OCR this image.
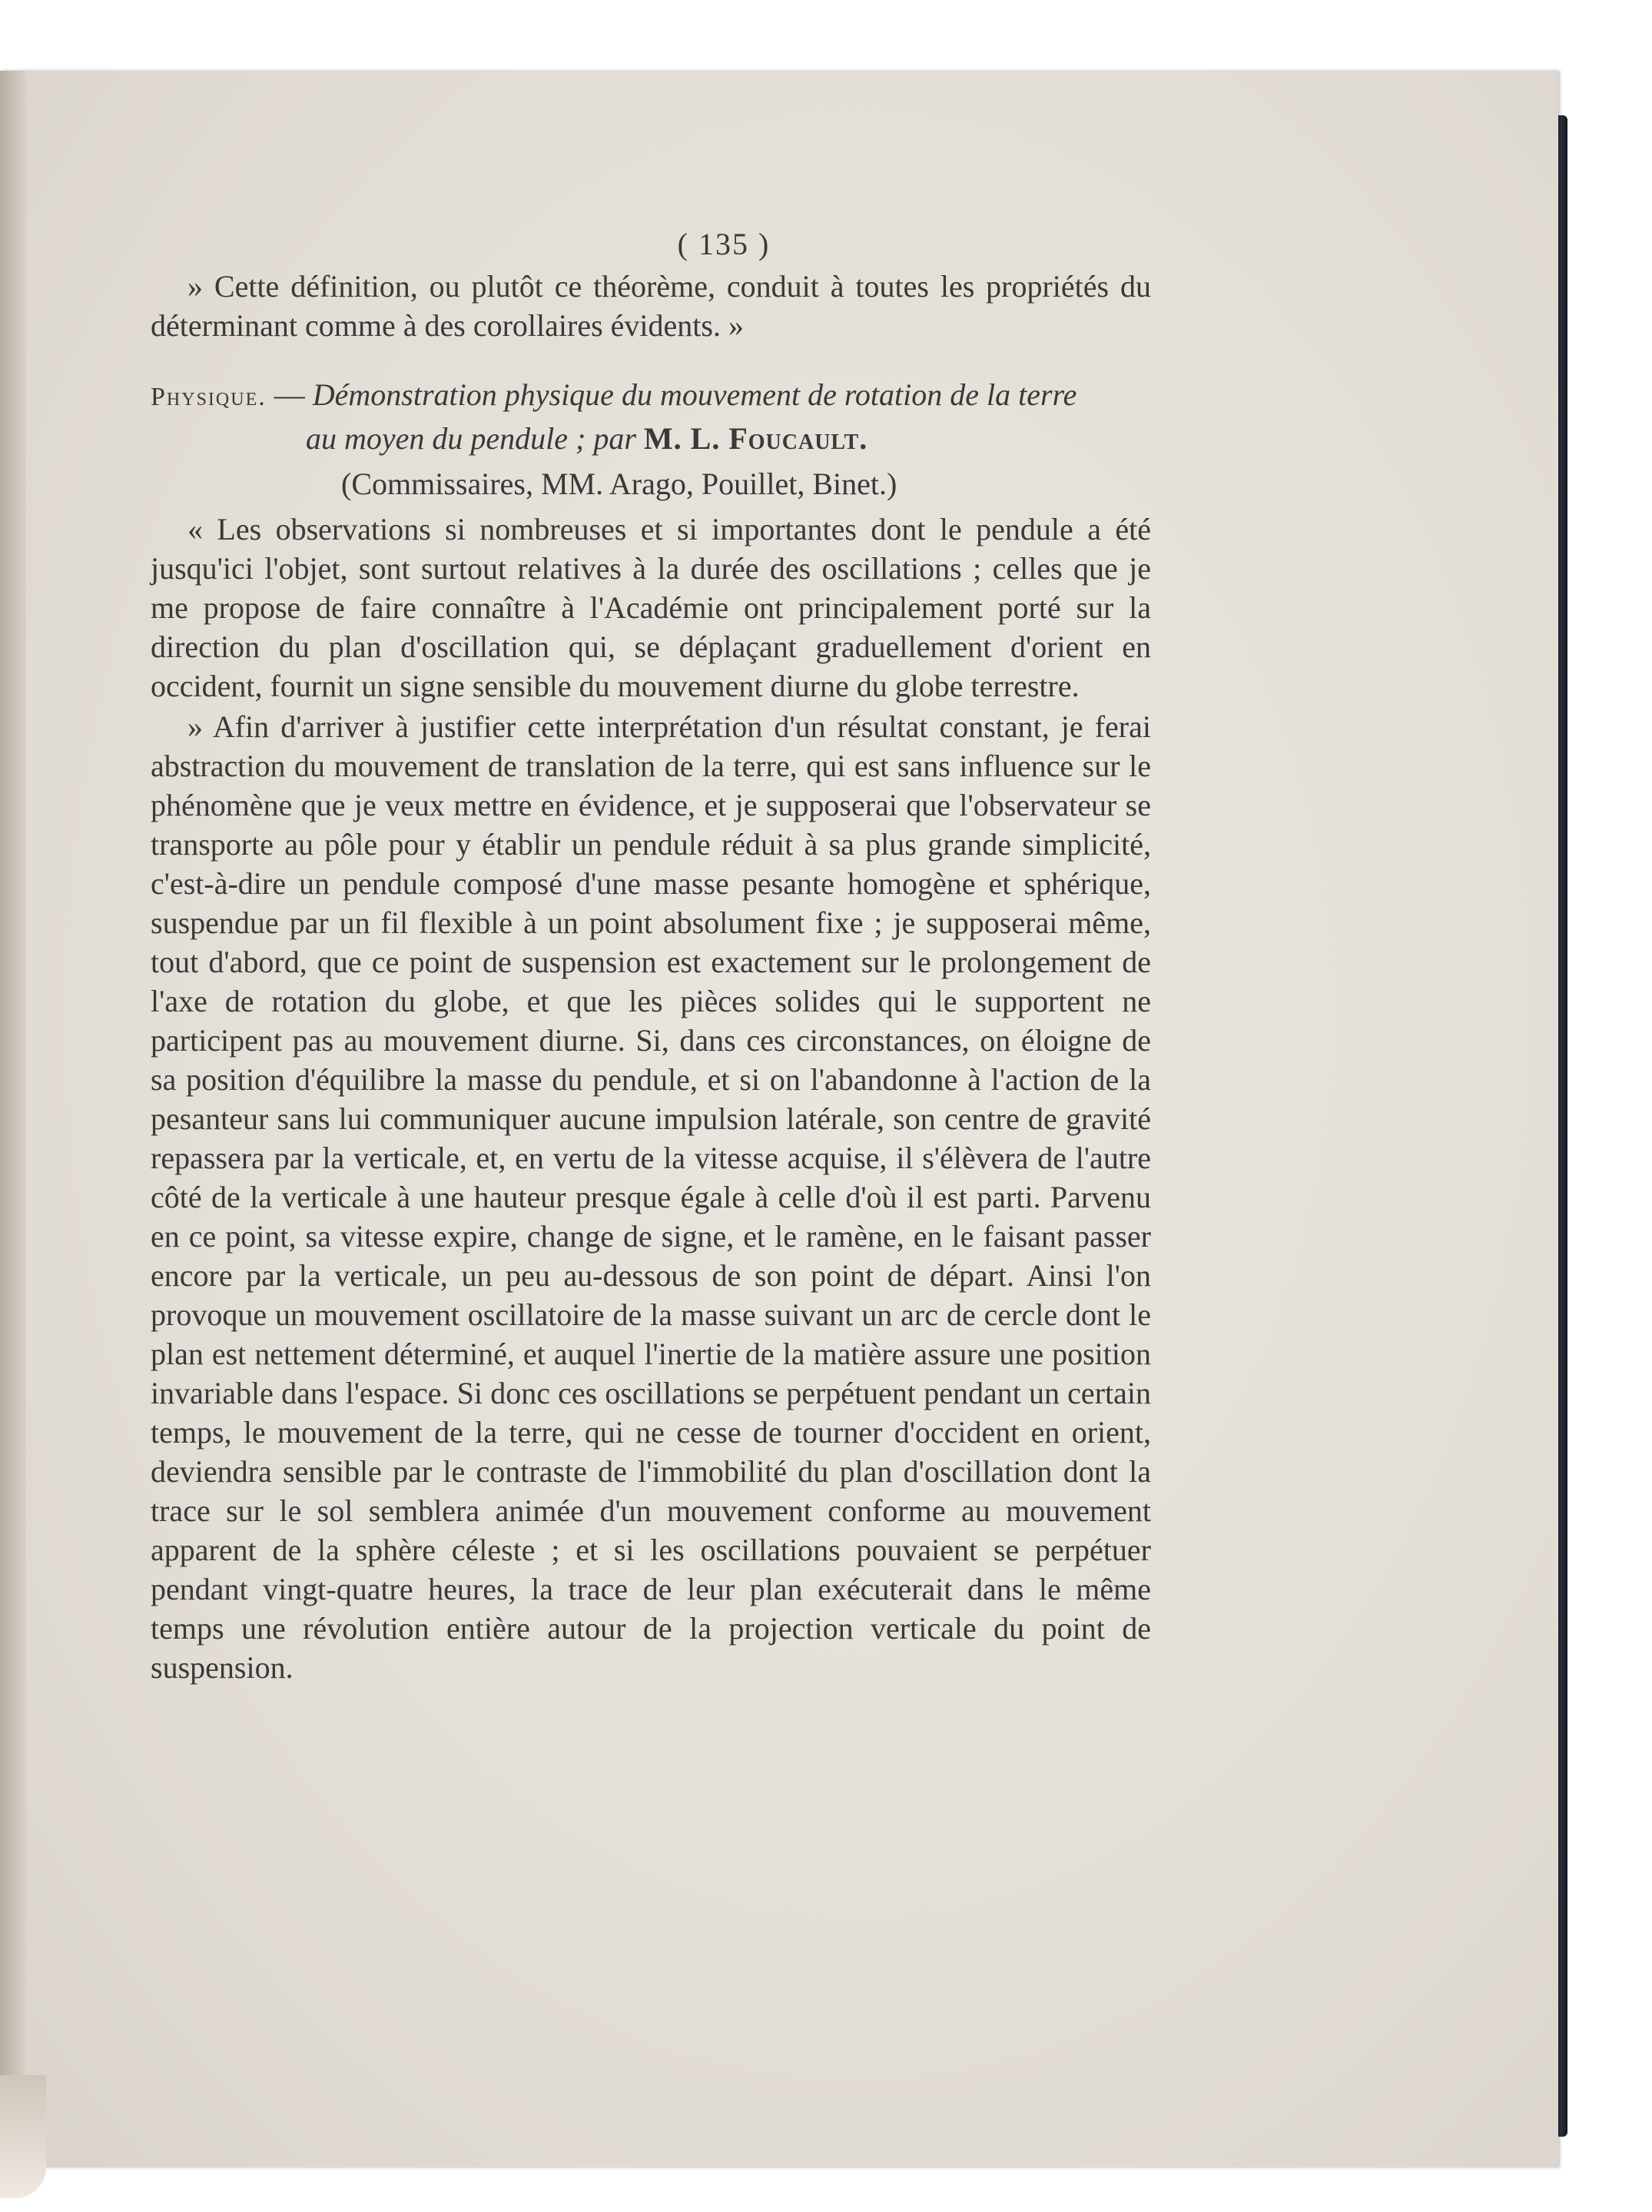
( 135 )

» Cette définition, ou plutôt ce théorème, conduit à toutes les propriétés du déterminant comme à des corollaires évidents. »

Physique. — Démonstration physique du mouvement de rotation de la terre
au moyen du pendule ; par M. L. Foucault.
(Commissaires, MM. Arago, Pouillet, Binet.)

« Les observations si nombreuses et si importantes dont le pendule a été jusqu'ici l'objet, sont surtout relatives à la durée des oscillations ; celles que je me propose de faire connaître à l'Académie ont principalement porté sur la direction du plan d'oscillation qui, se déplaçant graduellement d'orient en occident, fournit un signe sensible du mouvement diurne du globe terrestre.

» Afin d'arriver à justifier cette interprétation d'un résultat constant, je ferai abstraction du mouvement de translation de la terre, qui est sans influence sur le phénomène que je veux mettre en évidence, et je supposerai que l'observateur se transporte au pôle pour y établir un pendule réduit à sa plus grande simplicité, c'est-à-dire un pendule composé d'une masse pesante homogène et sphérique, suspendue par un fil flexible à un point absolument fixe ; je supposerai même, tout d'abord, que ce point de suspension est exactement sur le prolongement de l'axe de rotation du globe, et que les pièces solides qui le supportent ne participent pas au mouvement diurne. Si, dans ces circonstances, on éloigne de sa position d'équilibre la masse du pendule, et si on l'abandonne à l'action de la pesanteur sans lui communiquer aucune impulsion latérale, son centre de gravité repassera par la verticale, et, en vertu de la vitesse acquise, il s'élèvera de l'autre côté de la verticale à une hauteur presque égale à celle d'où il est parti. Parvenu en ce point, sa vitesse expire, change de signe, et le ramène, en le faisant passer encore par la verticale, un peu au-dessous de son point de départ. Ainsi l'on provoque un mouvement oscillatoire de la masse suivant un arc de cercle dont le plan est nettement déterminé, et auquel l'inertie de la matière assure une position invariable dans l'espace. Si donc ces oscillations se perpétuent pendant un certain temps, le mouvement de la terre, qui ne cesse de tourner d'occident en orient, deviendra sensible par le contraste de l'immobilité du plan d'oscillation dont la trace sur le sol semblera animée d'un mouvement conforme au mouvement apparent de la sphère céleste ; et si les oscillations pouvaient se perpétuer pendant vingt-quatre heures, la trace de leur plan exécuterait dans le même temps une révolution entière autour de la projection verticale du point de suspension.
